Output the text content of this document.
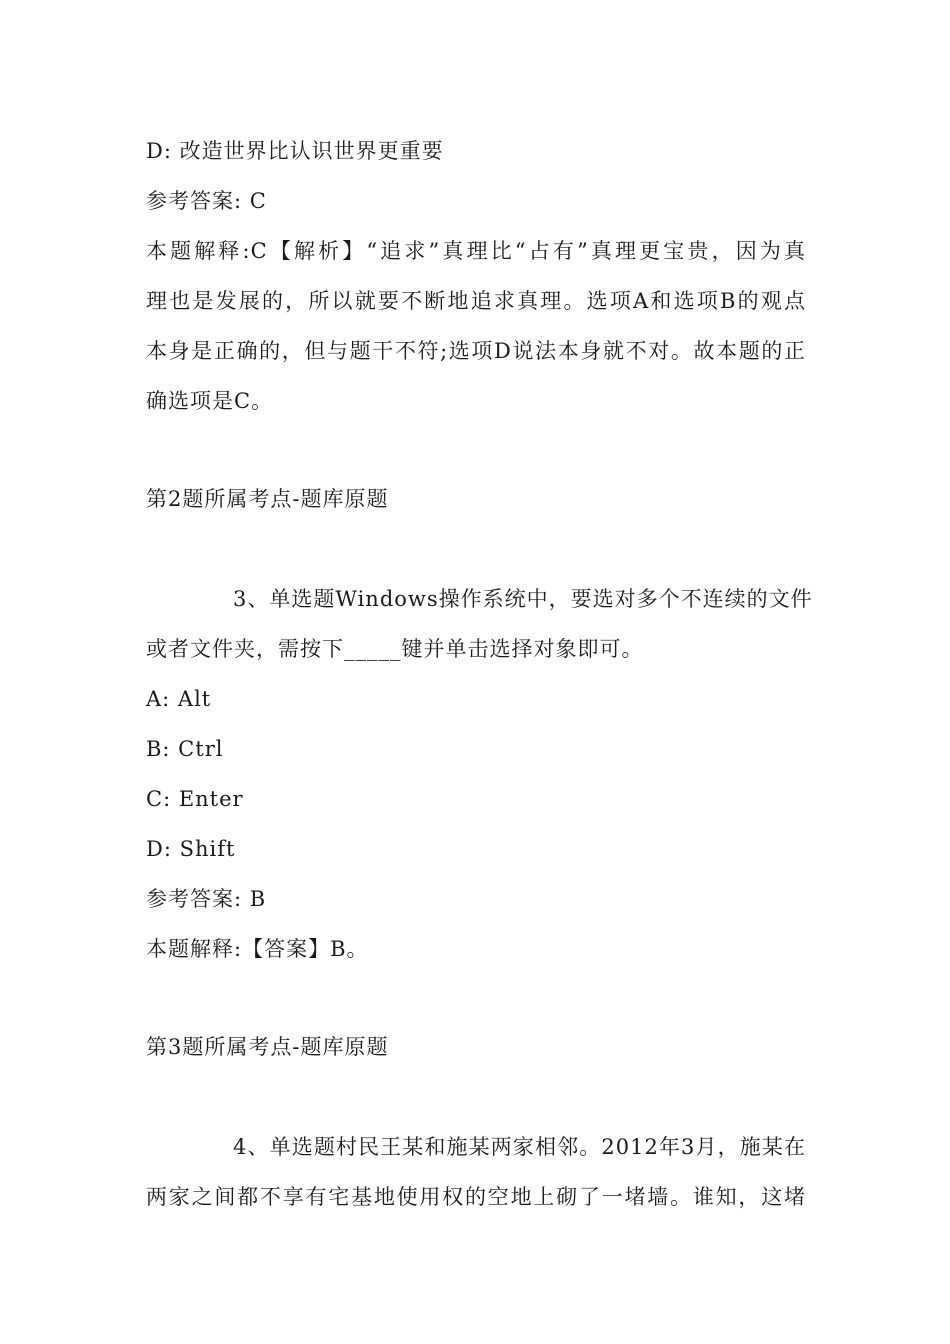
D: 改造世界比认识世界更重要
参考答案: C
本题解释:C【解析】“追求”真理比“占有”真理更宝贵，因为真
理也是发展的，所以就要不断地追求真理。选项A和选项B的观点
本身是正确的，但与题干不符;选项D说法本身就不对。故本题的正
确选项是C。
第2题所属考点-题库原题
3、单选题Windows操作系统中，要选对多个不连续的文件
或者文件夹，需按下_____键并单击选择对象即可。
A: Alt
B: Ctrl
C: Enter
D: Shift
参考答案: B
本题解释:【答案】B。
第3题所属考点-题库原题
4、单选题村民王某和施某两家相邻。2012年3月，施某在
两家之间都不享有宅基地使用权的空地上砌了一堵墙。谁知，这堵
